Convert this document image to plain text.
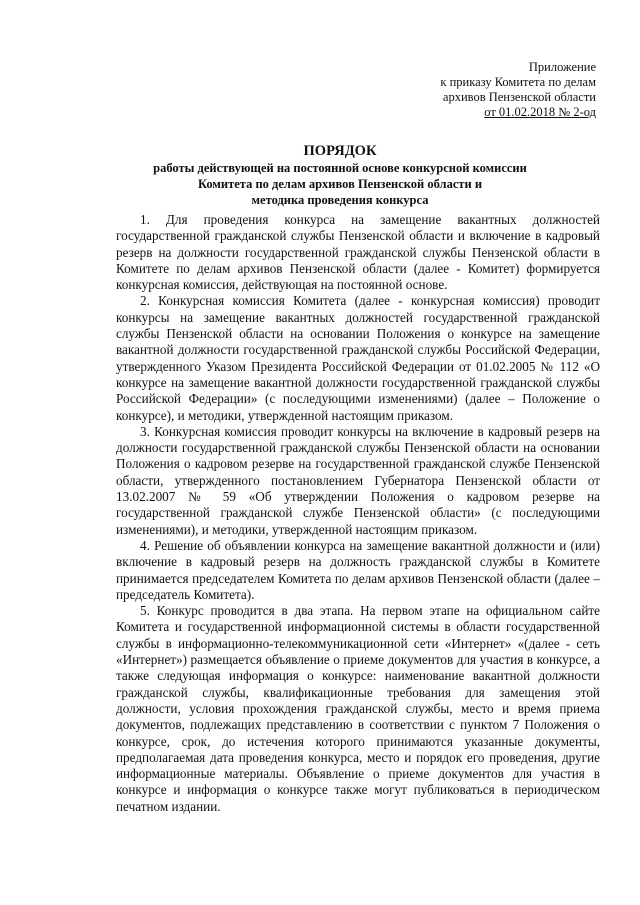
Приложение
к приказу Комитета по делам
архивов Пензенской области
от 01.02.2018 № 2-од
ПОРЯДОК
работы действующей на постоянной основе конкурсной комиссии
Комитета по делам архивов Пензенской области и
методика проведения конкурса

1. Для проведения конкурса на замещение вакантных должностей государственной гражданской службы Пензенской области и включение в кадровый резерв на должности государственной гражданской службы Пензенской области в Комитете по делам архивов Пензенской области (далее - Комитет) формируется конкурсная комиссия, действующая на постоянной основе.

2. Конкурсная комиссия Комитета (далее - конкурсная комиссия) проводит конкурсы на замещение вакантных должностей государственной гражданской службы Пензенской области на основании Положения о конкурсе на замещение вакантной должности государственной гражданской службы Российской Федерации, утвержденного Указом Президента Российской Федерации от 01.02.2005 № 112 «О конкурсе на замещение вакантной должности государственной гражданской службы Российской Федерации» (с последующими изменениями) (далее – Положение о конкурсе), и методики, утвержденной настоящим приказом.

3. Конкурсная комиссия проводит конкурсы на включение в кадровый резерв на должности государственной гражданской службы Пензенской области на основании Положения о кадровом резерве на государственной гражданской службе Пензенской области, утвержденного постановлением Губернатора Пензенской области от 13.02.2007 № 59 «Об утверждении Положения о кадровом резерве на государственной гражданской службе Пензенской области» (с последующими изменениями), и методики, утвержденной настоящим приказом.

4. Решение об объявлении конкурса на замещение вакантной должности и (или) включение в кадровый резерв на должность гражданской службы в Комитете принимается председателем Комитета по делам архивов Пензенской области (далее – председатель Комитета).

5. Конкурс проводится в два этапа. На первом этапе на официальном сайте Комитета и государственной информационной системы в области государственной службы в информационно-телекоммуникационной сети «Интернет» «(далее - сеть «Интернет») размещается объявление о приеме документов для участия в конкурсе, а также следующая информация о конкурсе: наименование вакантной должности гражданской службы, квалификационные требования для замещения этой должности, условия прохождения гражданской службы, место и время приема документов, подлежащих представлению в соответствии с пунктом 7 Положения о конкурсе, срок, до истечения которого принимаются указанные документы, предполагаемая дата проведения конкурса, место и порядок его проведения, другие информационные материалы. Объявление о приеме документов для участия в конкурсе и информация о конкурсе также могут публиковаться в периодическом печатном издании.
